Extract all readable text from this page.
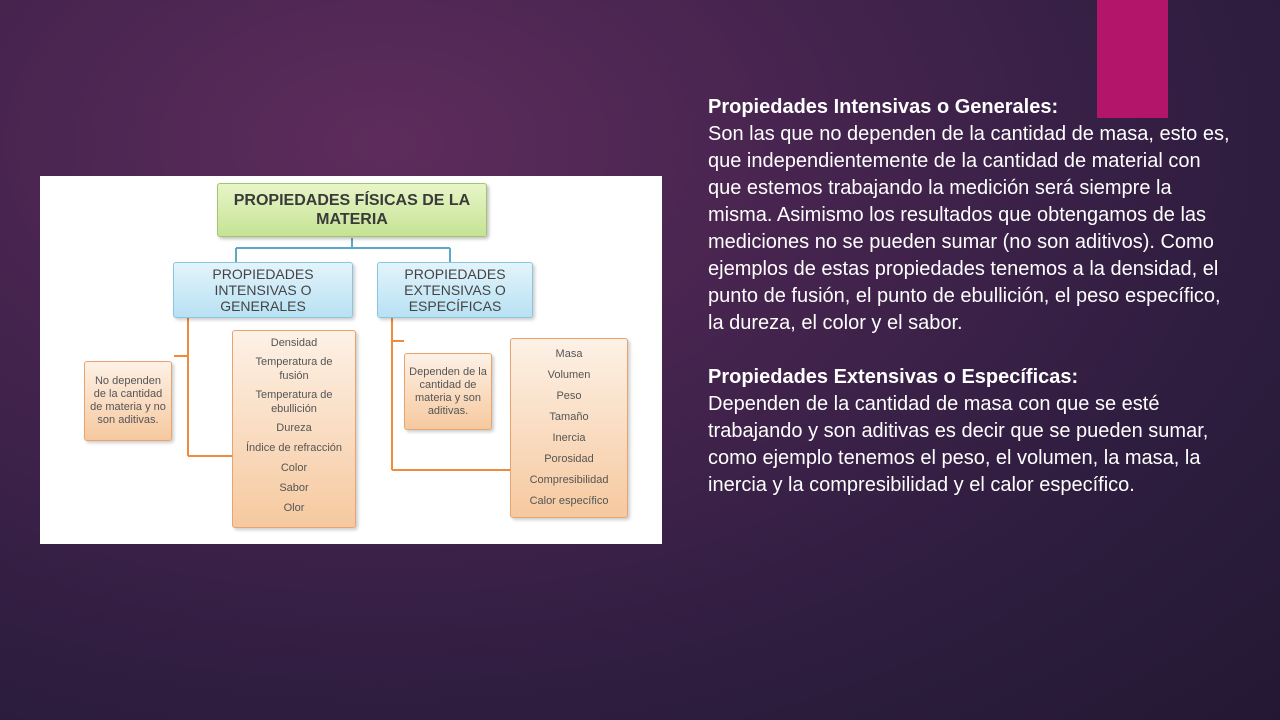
PROPIEDADES FÍSICAS DE LA MATERIA
PROPIEDADES INTENSIVAS O GENERALES
PROPIEDADES EXTENSIVAS O ESPECÍFICAS
No dependen de la cantidad de materia y no son aditivas.
Dependen de la cantidad de materia y son aditivas.
Densidad
Temperatura de fusión
Temperatura de ebullición
Dureza
Índice de refracción
Color
Sabor
Olor
Masa
Volumen
Peso
Tamaño
Inercia
Porosidad
Compresibilidad
Calor específico

Propiedades Intensivas o Generales:

Son las que no dependen de la cantidad de masa, esto es, que independientemente de la cantidad de material con que estemos trabajando la medición será siempre la misma. Asimismo los resultados que obtengamos de las mediciones no se pueden sumar (no son aditivos). Como ejemplos de estas propiedades tenemos a la densidad, el punto de fusión, el punto de ebullición, el peso específico, la dureza, el color y el sabor.

Propiedades Extensivas o Específicas:

Dependen de la cantidad de masa con que se esté trabajando y son aditivas es decir que se pueden sumar, como ejemplo tenemos el peso, el volumen, la masa, la inercia y la compresibilidad y el calor específico.
